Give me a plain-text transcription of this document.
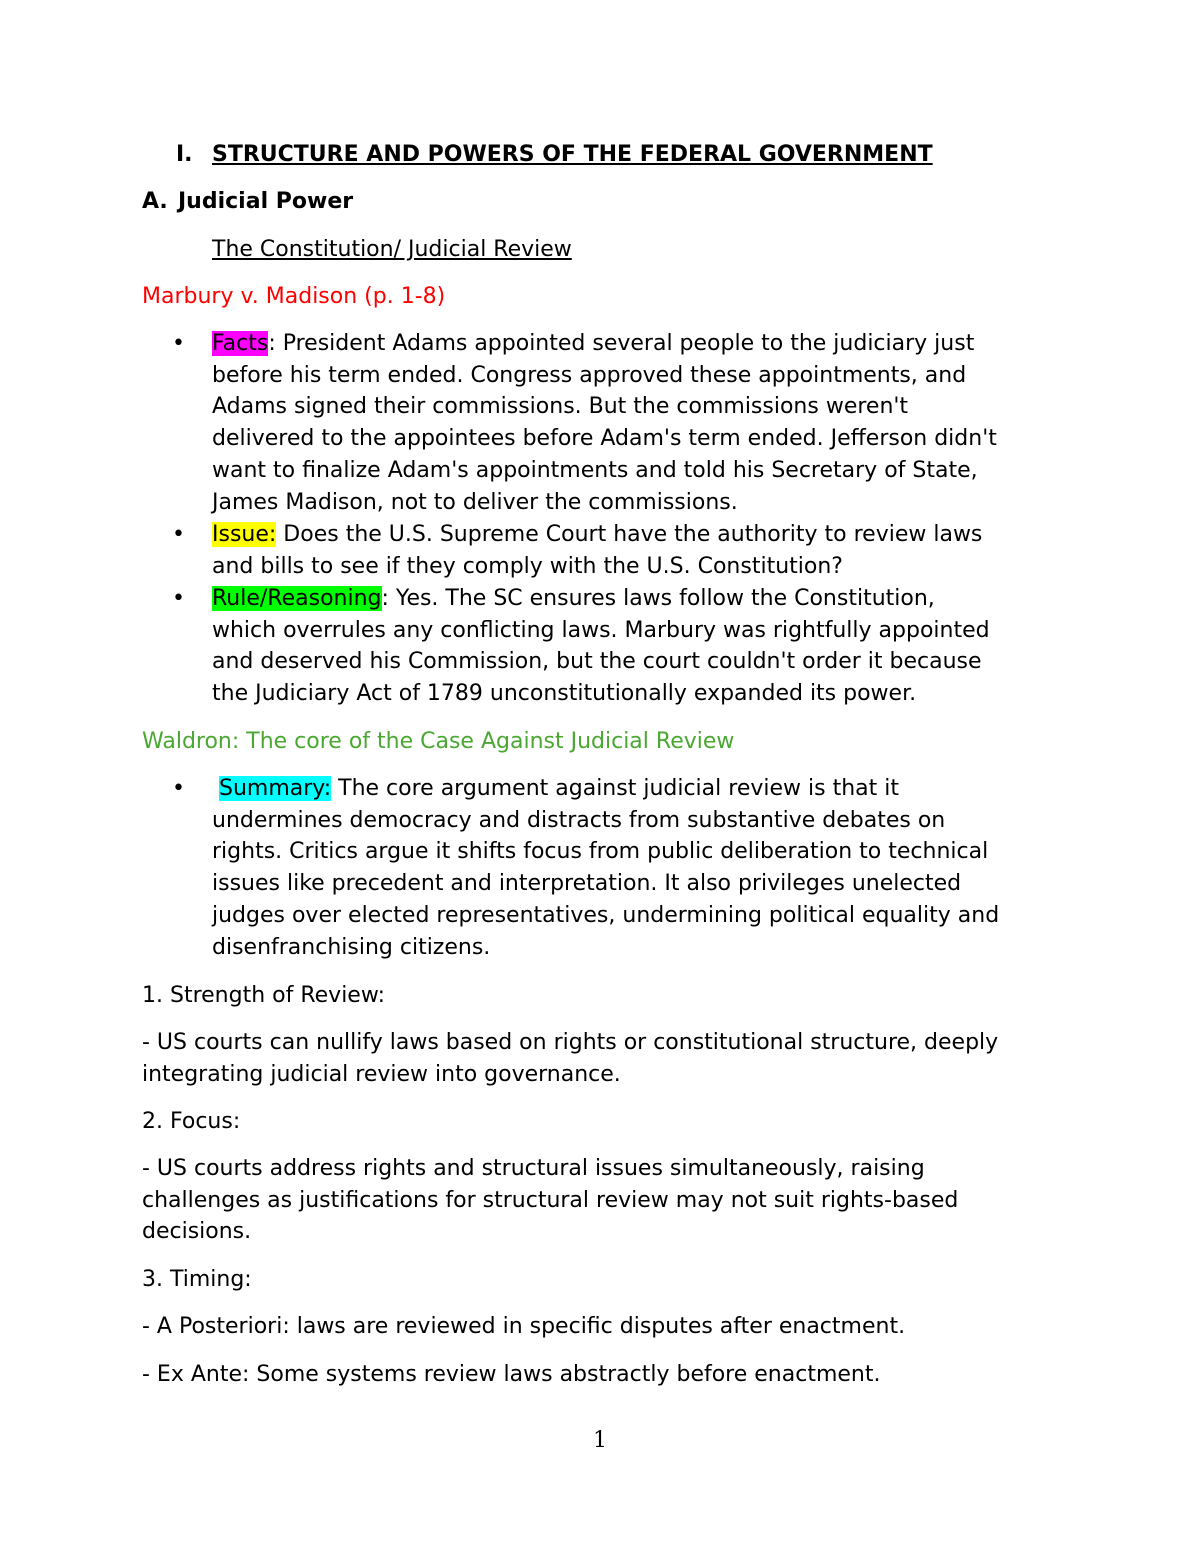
I. STRUCTURE AND POWERS OF THE FEDERAL GOVERNMENT
A. Judicial Power
The Constitution/ Judicial Review
Marbury v. Madison (p. 1-8)
• Facts: President Adams appointed several people to the judiciary just
before his term ended. Congress approved these appointments, and
Adams signed their commissions. But the commissions weren't
delivered to the appointees before Adam's term ended. Jefferson didn't
want to finalize Adam's appointments and told his Secretary of State,
James Madison, not to deliver the commissions.
• Issue: Does the U.S. Supreme Court have the authority to review laws
and bills to see if they comply with the U.S. Constitution?
• Rule/Reasoning: Yes. The SC ensures laws follow the Constitution,
which overrules any conflicting laws. Marbury was rightfully appointed
and deserved his Commission, but the court couldn't order it because
the Judiciary Act of 1789 unconstitutionally expanded its power.
Waldron: The core of the Case Against Judicial Review
•	Summary: The core argument against judicial review is that it
undermines democracy and distracts from substantive debates on
rights. Critics argue it shifts focus from public deliberation to technical
issues like precedent and interpretation. It also privileges unelected
judges over elected representatives, undermining political equality and
disenfranchising citizens.
1. Strength of Review:
- US courts can nullify laws based on rights or constitutional structure, deeply
integrating judicial review into governance.
2. Focus:
- US courts address rights and structural issues simultaneously, raising
challenges as justifications for structural review may not suit rights-based
decisions.
3. Timing:
- A Posteriori: laws are reviewed in specific disputes after enactment.
- Ex Ante: Some systems review laws abstractly before enactment.
1
